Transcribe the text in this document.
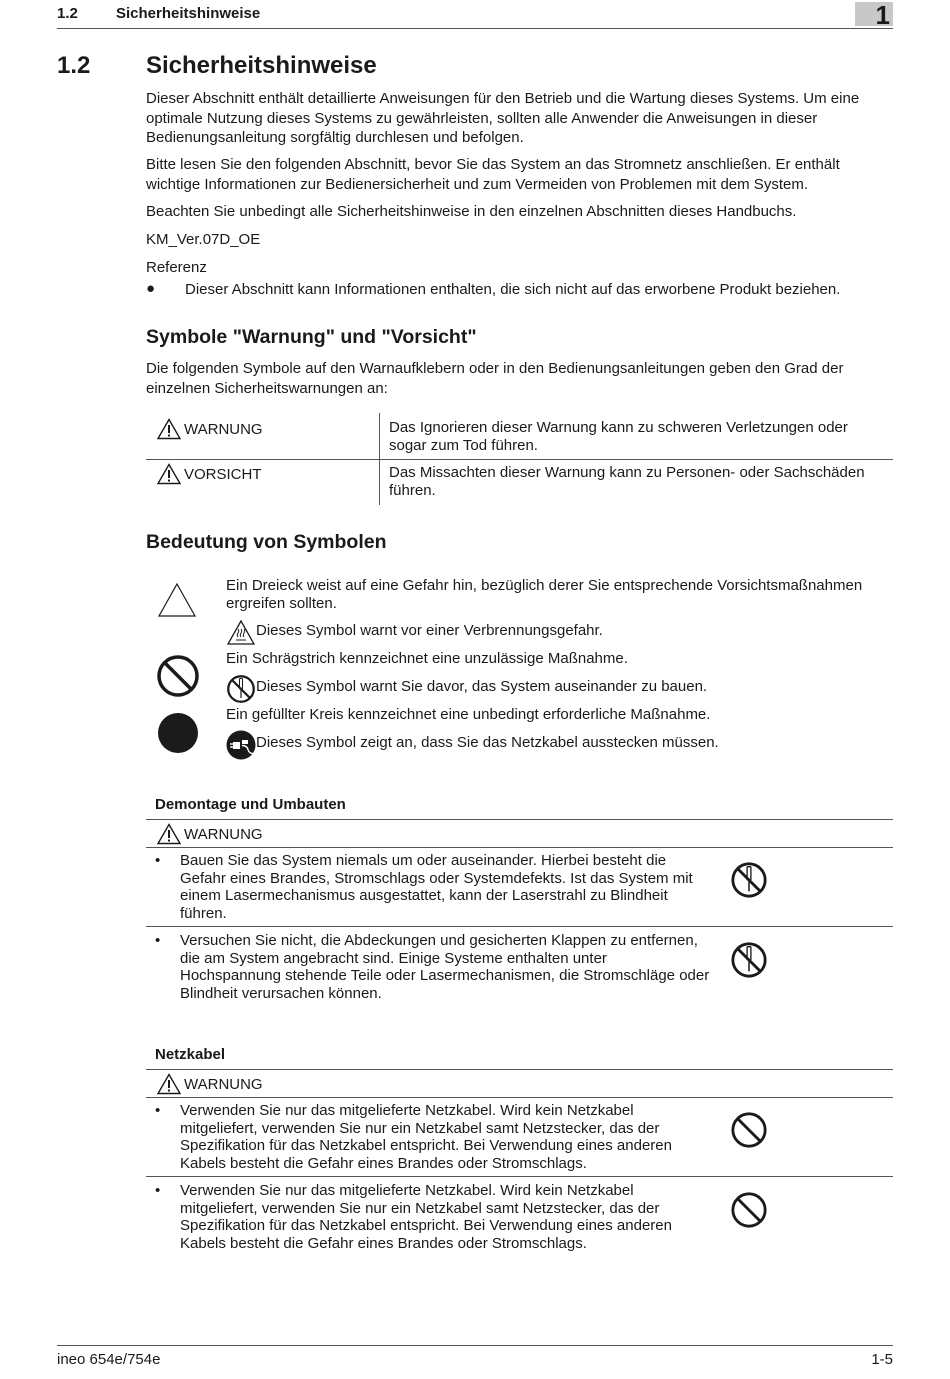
1.2	Sicherheitshinweise	1
1.2 Sicherheitshinweise
Dieser Abschnitt enthält detaillierte Anweisungen für den Betrieb und die Wartung dieses Systems. Um eine optimale Nutzung dieses Systems zu gewährleisten, sollten alle Anwender die Anweisungen in dieser Bedienungsanleitung sorgfältig durchlesen und befolgen.
Bitte lesen Sie den folgenden Abschnitt, bevor Sie das System an das Stromnetz anschließen. Er enthält wichtige Informationen zur Bedienersicherheit und zum Vermeiden von Problemen mit dem System.
Beachten Sie unbedingt alle Sicherheitshinweise in den einzelnen Abschnitten dieses Handbuchs.
KM_Ver.07D_OE
Referenz
● Dieser Abschnitt kann Informationen enthalten, die sich nicht auf das erworbene Produkt beziehen.
Symbole "Warnung" und "Vorsicht"
Die folgenden Symbole auf den Warnaufklebern oder in den Bedienungsanleitungen geben den Grad der einzelnen Sicherheitswarnungen an:
WARNUNG	Das Ignorieren dieser Warnung kann zu schweren Verletzungen oder sogar zum Tod führen.
VORSICHT	Das Missachten dieser Warnung kann zu Personen- oder Sachschäden führen.
Bedeutung von Symbolen
Ein Dreieck weist auf eine Gefahr hin, bezüglich derer Sie entsprechende Vorsichtsmaßnahmen ergreifen sollten.
Dieses Symbol warnt vor einer Verbrennungsgefahr.
Ein Schrägstrich kennzeichnet eine unzulässige Maßnahme.
Dieses Symbol warnt Sie davor, das System auseinander zu bauen.
Ein gefüllter Kreis kennzeichnet eine unbedingt erforderliche Maßnahme.
Dieses Symbol zeigt an, dass Sie das Netzkabel ausstecken müssen.
Demontage und Umbauten
WARNUNG
• Bauen Sie das System niemals um oder auseinander. Hierbei besteht die Gefahr eines Brandes, Stromschlags oder Systemdefekts. Ist das System mit einem Lasermechanismus ausgestattet, kann der Laserstrahl zu Blindheit führen.
• Versuchen Sie nicht, die Abdeckungen und gesicherten Klappen zu entfernen, die am System angebracht sind. Einige Systeme enthalten unter Hochspannung stehende Teile oder Lasermechanismen, die Stromschläge oder Blindheit verursachen können.
Netzkabel
WARNUNG
• Verwenden Sie nur das mitgelieferte Netzkabel. Wird kein Netzkabel mitgeliefert, verwenden Sie nur ein Netzkabel samt Netzstecker, das der Spezifikation für das Netzkabel entspricht. Bei Verwendung eines anderen Kabels besteht die Gefahr eines Brandes oder Stromschlags.
• Verwenden Sie nur das mitgelieferte Netzkabel. Wird kein Netzkabel mitgeliefert, verwenden Sie nur ein Netzkabel samt Netzstecker, das der Spezifikation für das Netzkabel entspricht. Bei Verwendung eines anderen Kabels besteht die Gefahr eines Brandes oder Stromschlags.
ineo 654e/754e	1-5
